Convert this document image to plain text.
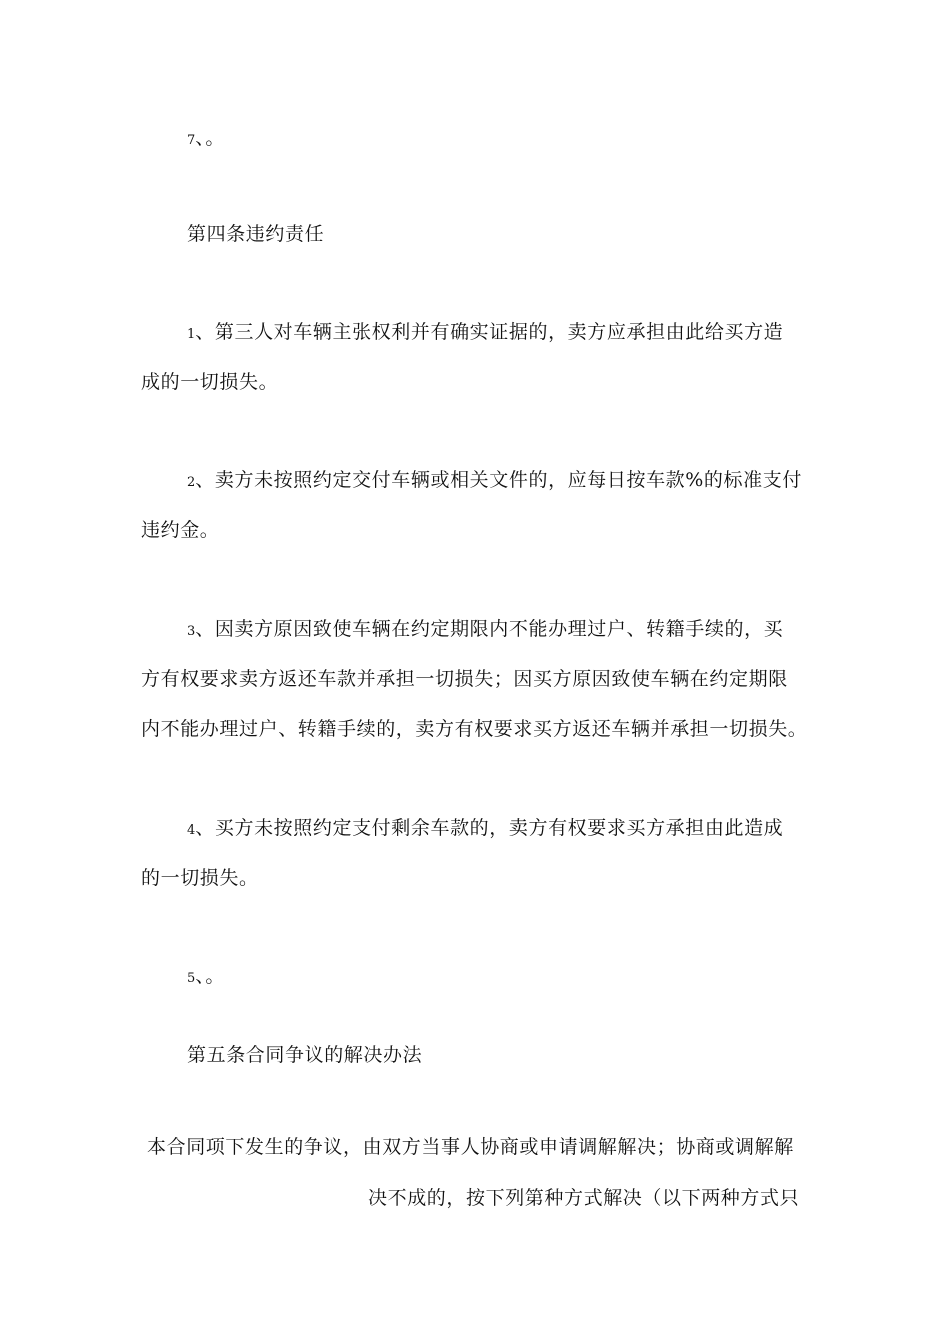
7、。
第四条违约责任
1、第三人对车辆主张权利并有确实证据的，卖方应承担由此给买方造
成的一切损失。
2、卖方未按照约定交付车辆或相关文件的，应每日按车款%的标准支付
违约金。
3、因卖方原因致使车辆在约定期限内不能办理过户、转籍手续的，买
方有权要求卖方返还车款并承担一切损失；因买方原因致使车辆在约定期限
内不能办理过户、转籍手续的，卖方有权要求买方返还车辆并承担一切损失。
4、买方未按照约定支付剩余车款的，卖方有权要求买方承担由此造成
的一切损失。
5、。
第五条合同争议的解决办法
本合同项下发生的争议，由双方当事人协商或申请调解解决；协商或调解解
决不成的，按下列第种方式解决（以下两种方式只
